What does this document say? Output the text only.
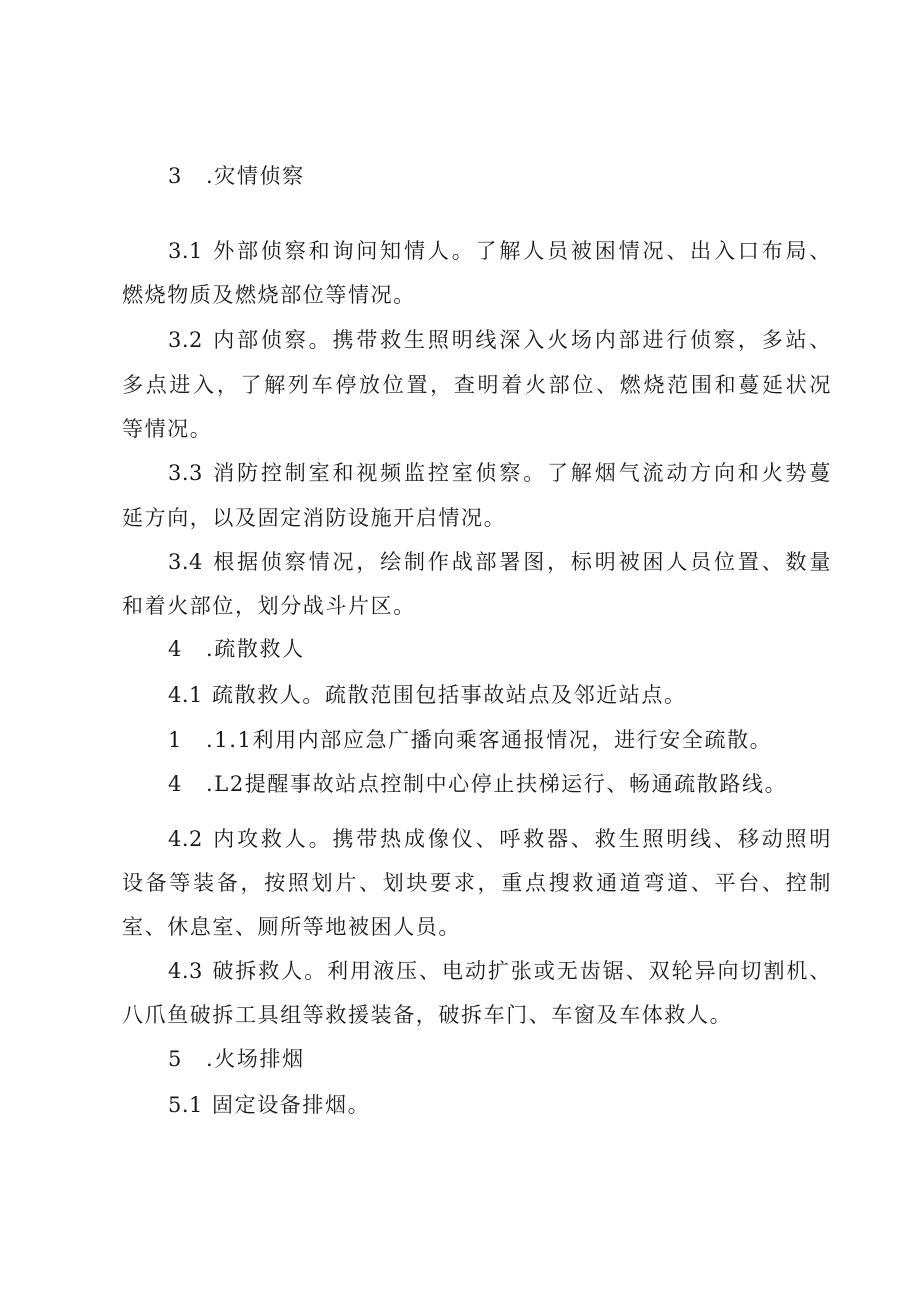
3 .灾情侦察
3.1 外部侦察和询问知情人。了解人员被困情况、出入口布局、
燃烧物质及燃烧部位等情况。
3.2 内部侦察。携带救生照明线深入火场内部进行侦察，多站、
多点进入，了解列车停放位置，查明着火部位、燃烧范围和蔓延状况
等情况。
3.3 消防控制室和视频监控室侦察。了解烟气流动方向和火势蔓
延方向，以及固定消防设施开启情况。
3.4 根据侦察情况，绘制作战部署图，标明被困人员位置、数量
和着火部位，划分战斗片区。
4 .疏散救人
4.1 疏散救人。疏散范围包括事故站点及邻近站点。
1 .1.1利用内部应急广播向乘客通报情况，进行安全疏散。
4 .L2提醒事故站点控制中心停止扶梯运行、畅通疏散路线。
4.2 内攻救人。携带热成像仪、呼救器、救生照明线、移动照明
设备等装备，按照划片、划块要求，重点搜救通道弯道、平台、控制
室、休息室、厕所等地被困人员。
4.3 破拆救人。利用液压、电动扩张或无齿锯、双轮异向切割机、
八爪鱼破拆工具组等救援装备，破拆车门、车窗及车体救人。
5 .火场排烟
5.1 固定设备排烟。
